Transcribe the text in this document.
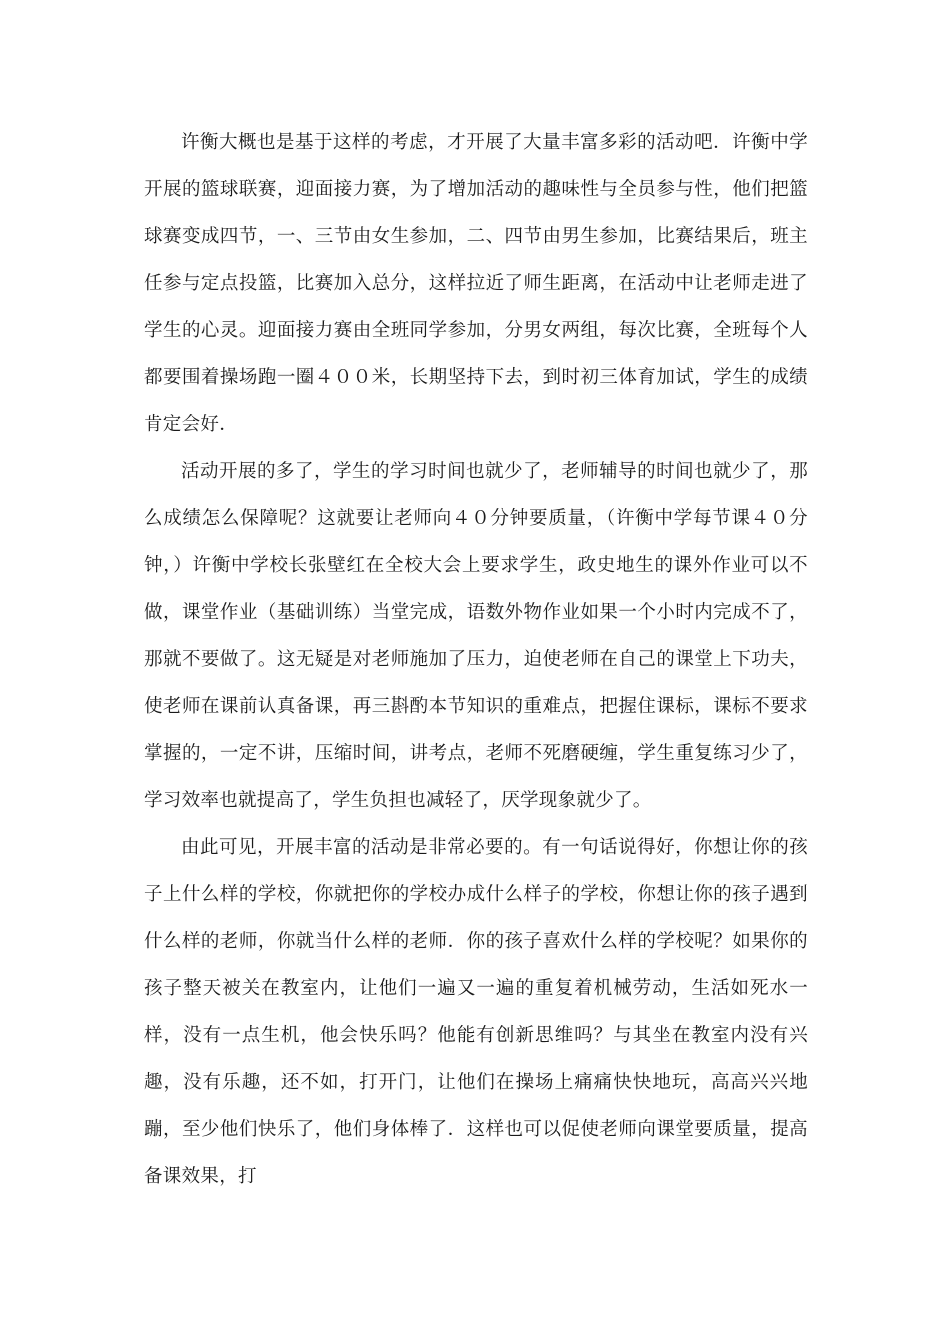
许衡大概也是基于这样的考虑，才开展了大量丰富多彩的活动吧．许衡中学开展的篮球联赛，迎面接力赛，为了增加活动的趣味性与全员参与性，他们把篮球赛变成四节，一、三节由女生参加，二、四节由男生参加，比赛结果后，班主任参与定点投篮，比赛加入总分，这样拉近了师生距离，在活动中让老师走进了学生的心灵。迎面接力赛由全班同学参加，分男女两组，每次比赛，全班每个人都要围着操场跑一圈４００米，长期坚持下去，到时初三体育加试，学生的成绩肯定会好．

活动开展的多了，学生的学习时间也就少了，老师辅导的时间也就少了，那么成绩怎么保障呢？这就要让老师向４０分钟要质量，（许衡中学每节课４０分钟，）许衡中学校长张壁红在全校大会上要求学生，政史地生的课外作业可以不做，课堂作业（基础训练）当堂完成，语数外物作业如果一个小时内完成不了，那就不要做了。这无疑是对老师施加了压力，迫使老师在自己的课堂上下功夫，使老师在课前认真备课，再三斟酌本节知识的重难点，把握住课标，课标不要求掌握的，一定不讲，压缩时间，讲考点，老师不死磨硬缠，学生重复练习少了，学习效率也就提高了，学生负担也减轻了，厌学现象就少了。

由此可见，开展丰富的活动是非常必要的。有一句话说得好，你想让你的孩子上什么样的学校，你就把你的学校办成什么样子的学校，你想让你的孩子遇到什么样的老师，你就当什么样的老师．你的孩子喜欢什么样的学校呢？如果你的孩子整天被关在教室内，让他们一遍又一遍的重复着机械劳动，生活如死水一样，没有一点生机，他会快乐吗？他能有创新思维吗？与其坐在教室内没有兴趣，没有乐趣，还不如，打开门，让他们在操场上痛痛快快地玩，高高兴兴地蹦，至少他们快乐了，他们身体棒了．这样也可以促使老师向课堂要质量，提高备课效果，打
